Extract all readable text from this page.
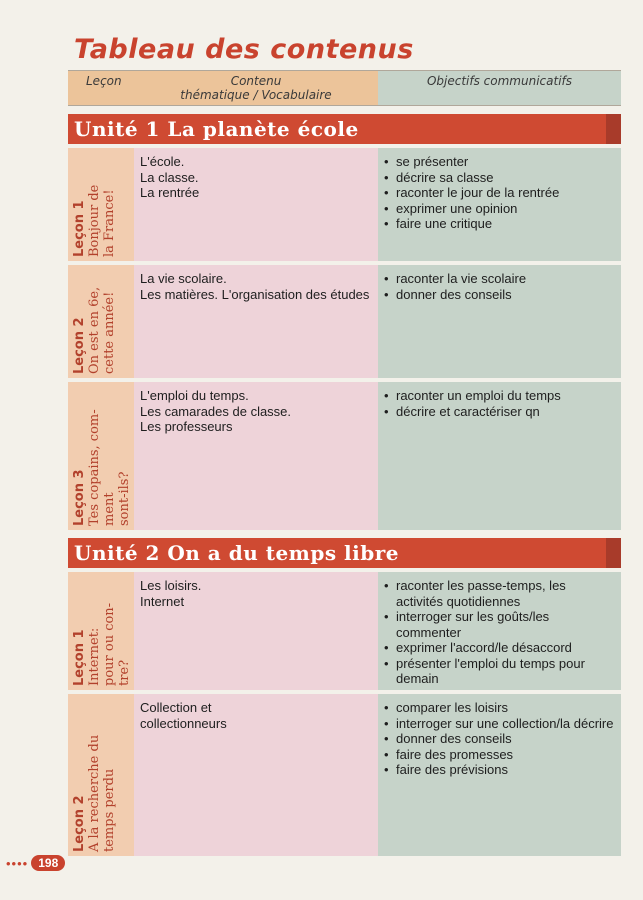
Tableau des contenus
Leçon	Contenu
thématique / Vocabulaire
Objectifs communicatifs
Unité 1 La planète école
Leçon 1
Bonjour de
la France!
L'école.
La classe.
La rentrée
• se présenter
• décrire sa classe
• raconter le jour de la rentrée
• exprimer une opinion
• faire une critique
Leçon 2
On est en 6e,
cette année!
La vie scolaire.
Les matières. L'organisation des études
• raconter la vie scolaire
• donner des conseils
Leçon 3
Tes copains, com-
ment
sont-ils?
L'emploi du temps.
Les camarades de classe.
Les professeurs
• raconter un emploi du temps
• décrire et caractériser qn
Unité 2 On a du temps libre
Leçon 1
Internet:
pour ou con-
tre?
Les loisirs.
Internet
• raconter les passe-temps, les activités quotidiennes
• interroger sur les goûts/les commenter
• exprimer l'accord/le désaccord
• présenter l'emploi du temps pour demain
Leçon 2
A la recherche du
temps perdu
Collection et
collectionneurs
• comparer les loisirs
• interroger sur une collection/la décrire
• donner des conseils
• faire des promesses
• faire des prévisions
•••• 198
